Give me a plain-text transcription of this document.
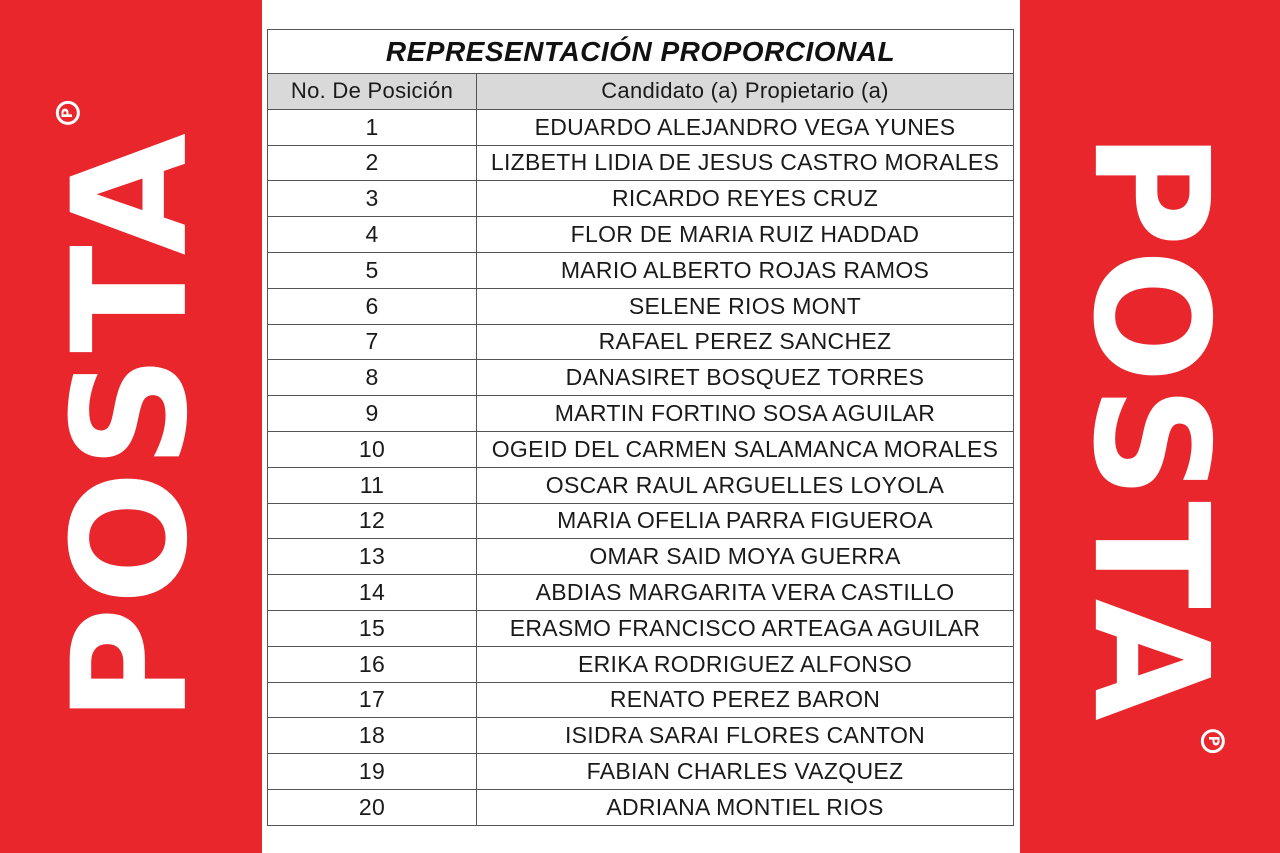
POSTA
P
REPRESENTACIÓN PROPORCIONAL	
No. De Posición	Candidato (a) Propietario (a)
1	EDUARDO ALEJANDRO VEGA YUNES
2	LIZBETH LIDIA DE JESUS CASTRO MORALES
3	RICARDO REYES CRUZ
4	FLOR DE MARIA RUIZ HADDAD
5	MARIO ALBERTO ROJAS RAMOS
6	SELENE RIOS MONT
7	RAFAEL PEREZ SANCHEZ
8	DANASIRET BOSQUEZ TORRES
9	MARTIN FORTINO SOSA AGUILAR
10	OGEID DEL CARMEN SALAMANCA MORALES
11	OSCAR RAUL ARGUELLES LOYOLA
12	MARIA OFELIA PARRA FIGUEROA
13	OMAR SAID MOYA GUERRA
14	ABDIAS MARGARITA VERA CASTILLO
15	ERASMO FRANCISCO ARTEAGA AGUILAR
16	ERIKA RODRIGUEZ ALFONSO
17	RENATO PEREZ BARON
18	ISIDRA SARAI FLORES CANTON
19	FABIAN CHARLES VAZQUEZ
20	ADRIANA MONTIEL RIOS
POSTA
P
